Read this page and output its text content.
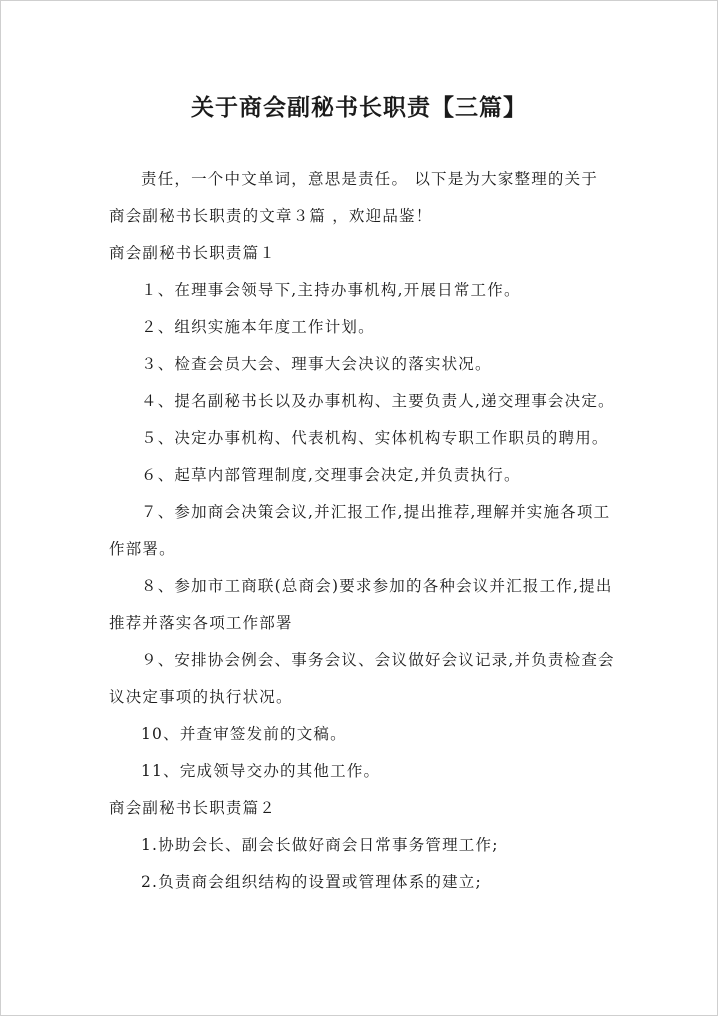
关于商会副秘书长职责【三篇】
责任，一个中文单词，意思是责任。 以下是为大家整理的关于
商会副秘书长职责的文章３篇 ，欢迎品鉴！
商会副秘书长职责篇１
１、在理事会领导下,主持办事机构,开展日常工作。
２、组织实施本年度工作计划。
３、检查会员大会、理事大会决议的落实状况。
４、提名副秘书长以及办事机构、主要负责人,递交理事会决定。
５、决定办事机构、代表机构、实体机构专职工作职员的聘用。
６、起草内部管理制度,交理事会决定,并负责执行。
７、参加商会决策会议,并汇报工作,提出推荐,理解并实施各项工
作部署。
８、参加市工商联(总商会)要求参加的各种会议并汇报工作,提出
推荐并落实各项工作部署
９、安排协会例会、事务会议、会议做好会议记录,并负责检查会
议决定事项的执行状况。
10、并查审签发前的文稿。
11、完成领导交办的其他工作。
商会副秘书长职责篇２
1.协助会长、副会长做好商会日常事务管理工作;
2.负责商会组织结构的设置或管理体系的建立;
